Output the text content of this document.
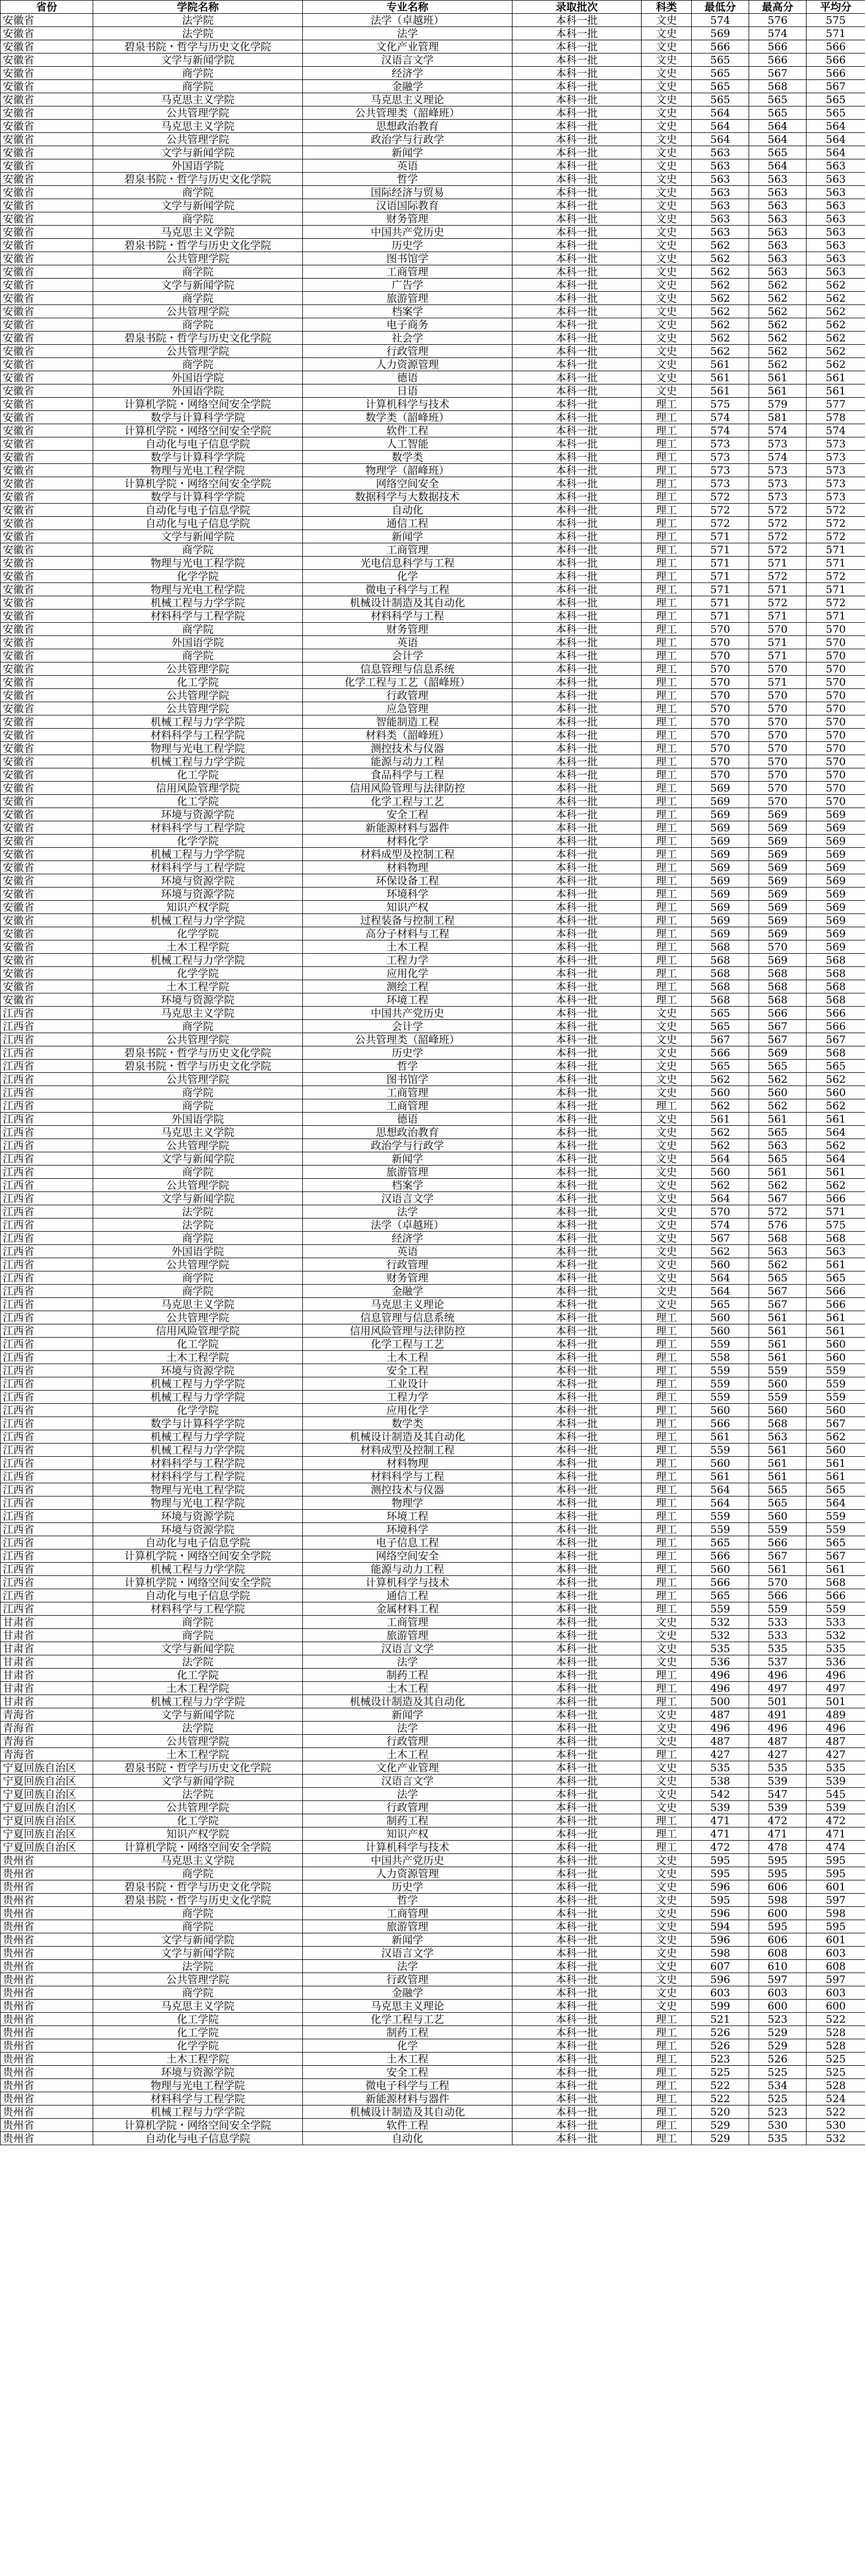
省份	学院名称	专业名称	录取批次	科类	最低分	最高分	平均分
安徽省	法学院	法学（卓越班）	本科一批	文史	574	576	575
安徽省	法学院	法学	本科一批	文史	569	574	571
安徽省	碧泉书院・哲学与历史文化学院	文化产业管理	本科一批	文史	566	566	566
安徽省	文学与新闻学院	汉语言文学	本科一批	文史	565	566	566
安徽省	商学院	经济学	本科一批	文史	565	567	566
安徽省	商学院	金融学	本科一批	文史	565	568	567
安徽省	马克思主义学院	马克思主义理论	本科一批	文史	565	565	565
安徽省	公共管理学院	公共管理类（韶峰班）	本科一批	文史	564	565	565
安徽省	马克思主义学院	思想政治教育	本科一批	文史	564	564	564
安徽省	公共管理学院	政治学与行政学	本科一批	文史	564	564	564
安徽省	文学与新闻学院	新闻学	本科一批	文史	563	565	564
安徽省	外国语学院	英语	本科一批	文史	563	564	563
安徽省	碧泉书院・哲学与历史文化学院	哲学	本科一批	文史	563	563	563
安徽省	商学院	国际经济与贸易	本科一批	文史	563	563	563
安徽省	文学与新闻学院	汉语国际教育	本科一批	文史	563	563	563
安徽省	商学院	财务管理	本科一批	文史	563	563	563
安徽省	马克思主义学院	中国共产党历史	本科一批	文史	563	563	563
安徽省	碧泉书院・哲学与历史文化学院	历史学	本科一批	文史	562	563	563
安徽省	公共管理学院	图书馆学	本科一批	文史	562	563	563
安徽省	商学院	工商管理	本科一批	文史	562	563	563
安徽省	文学与新闻学院	广告学	本科一批	文史	562	562	562
安徽省	商学院	旅游管理	本科一批	文史	562	562	562
安徽省	公共管理学院	档案学	本科一批	文史	562	562	562
安徽省	商学院	电子商务	本科一批	文史	562	562	562
安徽省	碧泉书院・哲学与历史文化学院	社会学	本科一批	文史	562	562	562
安徽省	公共管理学院	行政管理	本科一批	文史	562	562	562
安徽省	商学院	人力资源管理	本科一批	文史	561	562	562
安徽省	外国语学院	德语	本科一批	文史	561	561	561
安徽省	外国语学院	日语	本科一批	文史	561	561	561
安徽省	计算机学院・网络空间安全学院	计算机科学与技术	本科一批	理工	575	579	577
安徽省	数学与计算科学学院	数学类（韶峰班）	本科一批	理工	574	581	578
安徽省	计算机学院・网络空间安全学院	软件工程	本科一批	理工	574	574	574
安徽省	自动化与电子信息学院	人工智能	本科一批	理工	573	573	573
安徽省	数学与计算科学学院	数学类	本科一批	理工	573	574	573
安徽省	物理与光电工程学院	物理学（韶峰班）	本科一批	理工	573	573	573
安徽省	计算机学院・网络空间安全学院	网络空间安全	本科一批	理工	573	573	573
安徽省	数学与计算科学学院	数据科学与大数据技术	本科一批	理工	572	573	573
安徽省	自动化与电子信息学院	自动化	本科一批	理工	572	572	572
安徽省	自动化与电子信息学院	通信工程	本科一批	理工	572	572	572
安徽省	文学与新闻学院	新闻学	本科一批	理工	571	572	572
安徽省	商学院	工商管理	本科一批	理工	571	572	571
安徽省	物理与光电工程学院	光电信息科学与工程	本科一批	理工	571	571	571
安徽省	化学学院	化学	本科一批	理工	571	572	572
安徽省	物理与光电工程学院	微电子科学与工程	本科一批	理工	571	571	571
安徽省	机械工程与力学学院	机械设计制造及其自动化	本科一批	理工	571	572	572
安徽省	材料科学与工程学院	材料科学与工程	本科一批	理工	571	571	571
安徽省	商学院	财务管理	本科一批	理工	570	570	570
安徽省	外国语学院	英语	本科一批	理工	570	571	570
安徽省	商学院	会计学	本科一批	理工	570	571	570
安徽省	公共管理学院	信息管理与信息系统	本科一批	理工	570	570	570
安徽省	化工学院	化学工程与工艺（韶峰班）	本科一批	理工	570	571	570
安徽省	公共管理学院	行政管理	本科一批	理工	570	570	570
安徽省	公共管理学院	应急管理	本科一批	理工	570	570	570
安徽省	机械工程与力学学院	智能制造工程	本科一批	理工	570	570	570
安徽省	材料科学与工程学院	材料类（韶峰班）	本科一批	理工	570	570	570
安徽省	物理与光电工程学院	测控技术与仪器	本科一批	理工	570	570	570
安徽省	机械工程与力学学院	能源与动力工程	本科一批	理工	570	570	570
安徽省	化工学院	食品科学与工程	本科一批	理工	570	570	570
安徽省	信用风险管理学院	信用风险管理与法律防控	本科一批	理工	569	570	570
安徽省	化工学院	化学工程与工艺	本科一批	理工	569	570	570
安徽省	环境与资源学院	安全工程	本科一批	理工	569	569	569
安徽省	材料科学与工程学院	新能源材料与器件	本科一批	理工	569	569	569
安徽省	化学学院	材料化学	本科一批	理工	569	569	569
安徽省	机械工程与力学学院	材料成型及控制工程	本科一批	理工	569	569	569
安徽省	材料科学与工程学院	材料物理	本科一批	理工	569	569	569
安徽省	环境与资源学院	环保设备工程	本科一批	理工	569	569	569
安徽省	环境与资源学院	环境科学	本科一批	理工	569	569	569
安徽省	知识产权学院	知识产权	本科一批	理工	569	569	569
安徽省	机械工程与力学学院	过程装备与控制工程	本科一批	理工	569	569	569
安徽省	化学学院	高分子材料与工程	本科一批	理工	569	569	569
安徽省	土木工程学院	土木工程	本科一批	理工	568	570	569
安徽省	机械工程与力学学院	工程力学	本科一批	理工	568	569	568
安徽省	化学学院	应用化学	本科一批	理工	568	568	568
安徽省	土木工程学院	测绘工程	本科一批	理工	568	568	568
安徽省	环境与资源学院	环境工程	本科一批	理工	568	568	568
江西省	马克思主义学院	中国共产党历史	本科一批	文史	565	566	566
江西省	商学院	会计学	本科一批	文史	565	567	566
江西省	公共管理学院	公共管理类（韶峰班）	本科一批	文史	567	567	567
江西省	碧泉书院・哲学与历史文化学院	历史学	本科一批	文史	566	569	568
江西省	碧泉书院・哲学与历史文化学院	哲学	本科一批	文史	565	565	565
江西省	公共管理学院	图书馆学	本科一批	文史	562	562	562
江西省	商学院	工商管理	本科一批	文史	560	560	560
江西省	商学院	工商管理	本科一批	理工	562	562	562
江西省	外国语学院	德语	本科一批	文史	561	561	561
江西省	马克思主义学院	思想政治教育	本科一批	文史	562	565	564
江西省	公共管理学院	政治学与行政学	本科一批	文史	562	563	562
江西省	文学与新闻学院	新闻学	本科一批	文史	564	565	564
江西省	商学院	旅游管理	本科一批	文史	560	561	561
江西省	公共管理学院	档案学	本科一批	文史	562	562	562
江西省	文学与新闻学院	汉语言文学	本科一批	文史	564	567	566
江西省	法学院	法学	本科一批	文史	570	572	571
江西省	法学院	法学（卓越班）	本科一批	文史	574	576	575
江西省	商学院	经济学	本科一批	文史	567	568	568
江西省	外国语学院	英语	本科一批	文史	562	563	563
江西省	公共管理学院	行政管理	本科一批	文史	560	562	561
江西省	商学院	财务管理	本科一批	文史	564	565	565
江西省	商学院	金融学	本科一批	文史	564	567	566
江西省	马克思主义学院	马克思主义理论	本科一批	文史	565	567	566
江西省	公共管理学院	信息管理与信息系统	本科一批	理工	560	561	561
江西省	信用风险管理学院	信用风险管理与法律防控	本科一批	理工	560	561	561
江西省	化工学院	化学工程与工艺	本科一批	理工	559	561	560
江西省	土木工程学院	土木工程	本科一批	理工	558	561	560
江西省	环境与资源学院	安全工程	本科一批	理工	559	559	559
江西省	机械工程与力学学院	工业设计	本科一批	理工	559	560	559
江西省	机械工程与力学学院	工程力学	本科一批	理工	559	559	559
江西省	化学学院	应用化学	本科一批	理工	560	560	560
江西省	数学与计算科学学院	数学类	本科一批	理工	566	568	567
江西省	机械工程与力学学院	机械设计制造及其自动化	本科一批	理工	561	563	562
江西省	机械工程与力学学院	材料成型及控制工程	本科一批	理工	559	561	560
江西省	材料科学与工程学院	材料物理	本科一批	理工	560	561	561
江西省	材料科学与工程学院	材料科学与工程	本科一批	理工	561	561	561
江西省	物理与光电工程学院	测控技术与仪器	本科一批	理工	564	565	565
江西省	物理与光电工程学院	物理学	本科一批	理工	564	565	564
江西省	环境与资源学院	环境工程	本科一批	理工	559	560	559
江西省	环境与资源学院	环境科学	本科一批	理工	559	559	559
江西省	自动化与电子信息学院	电子信息工程	本科一批	理工	565	566	565
江西省	计算机学院・网络空间安全学院	网络空间安全	本科一批	理工	566	567	567
江西省	机械工程与力学学院	能源与动力工程	本科一批	理工	560	561	561
江西省	计算机学院・网络空间安全学院	计算机科学与技术	本科一批	理工	566	570	568
江西省	自动化与电子信息学院	通信工程	本科一批	理工	565	566	566
江西省	材料科学与工程学院	金属材料工程	本科一批	理工	559	559	559
甘肃省	商学院	工商管理	本科一批	文史	532	533	533
甘肃省	商学院	旅游管理	本科一批	文史	532	533	532
甘肃省	文学与新闻学院	汉语言文学	本科一批	文史	535	535	535
甘肃省	法学院	法学	本科一批	文史	536	537	536
甘肃省	化工学院	制药工程	本科一批	理工	496	496	496
甘肃省	土木工程学院	土木工程	本科一批	理工	496	497	497
甘肃省	机械工程与力学学院	机械设计制造及其自动化	本科一批	理工	500	501	501
青海省	文学与新闻学院	新闻学	本科一批	文史	487	491	489
青海省	法学院	法学	本科一批	文史	496	496	496
青海省	公共管理学院	行政管理	本科一批	文史	487	487	487
青海省	土木工程学院	土木工程	本科一批	理工	427	427	427
宁夏回族自治区	碧泉书院・哲学与历史文化学院	文化产业管理	本科一批	文史	535	535	535
宁夏回族自治区	文学与新闻学院	汉语言文学	本科一批	文史	538	539	539
宁夏回族自治区	法学院	法学	本科一批	文史	542	547	545
宁夏回族自治区	公共管理学院	行政管理	本科一批	文史	539	539	539
宁夏回族自治区	化工学院	制药工程	本科一批	理工	471	472	472
宁夏回族自治区	知识产权学院	知识产权	本科一批	理工	471	471	471
宁夏回族自治区	计算机学院・网络空间安全学院	计算机科学与技术	本科一批	理工	472	478	474
贵州省	马克思主义学院	中国共产党历史	本科一批	文史	595	595	595
贵州省	商学院	人力资源管理	本科一批	文史	595	595	595
贵州省	碧泉书院・哲学与历史文化学院	历史学	本科一批	文史	596	606	601
贵州省	碧泉书院・哲学与历史文化学院	哲学	本科一批	文史	595	598	597
贵州省	商学院	工商管理	本科一批	文史	596	600	598
贵州省	商学院	旅游管理	本科一批	文史	594	595	595
贵州省	文学与新闻学院	新闻学	本科一批	文史	596	606	601
贵州省	文学与新闻学院	汉语言文学	本科一批	文史	598	608	603
贵州省	法学院	法学	本科一批	文史	607	610	608
贵州省	公共管理学院	行政管理	本科一批	文史	596	597	597
贵州省	商学院	金融学	本科一批	文史	603	603	603
贵州省	马克思主义学院	马克思主义理论	本科一批	文史	599	600	600
贵州省	化工学院	化学工程与工艺	本科一批	理工	521	523	522
贵州省	化工学院	制药工程	本科一批	理工	526	529	528
贵州省	化学学院	化学	本科一批	理工	526	529	528
贵州省	土木工程学院	土木工程	本科一批	理工	523	526	525
贵州省	环境与资源学院	安全工程	本科一批	理工	525	525	525
贵州省	物理与光电工程学院	微电子科学与工程	本科一批	理工	522	534	528
贵州省	材料科学与工程学院	新能源材料与器件	本科一批	理工	522	525	524
贵州省	机械工程与力学学院	机械设计制造及其自动化	本科一批	理工	520	523	522
贵州省	计算机学院・网络空间安全学院	软件工程	本科一批	理工	529	530	530
贵州省	自动化与电子信息学院	自动化	本科一批	理工	529	535	532
